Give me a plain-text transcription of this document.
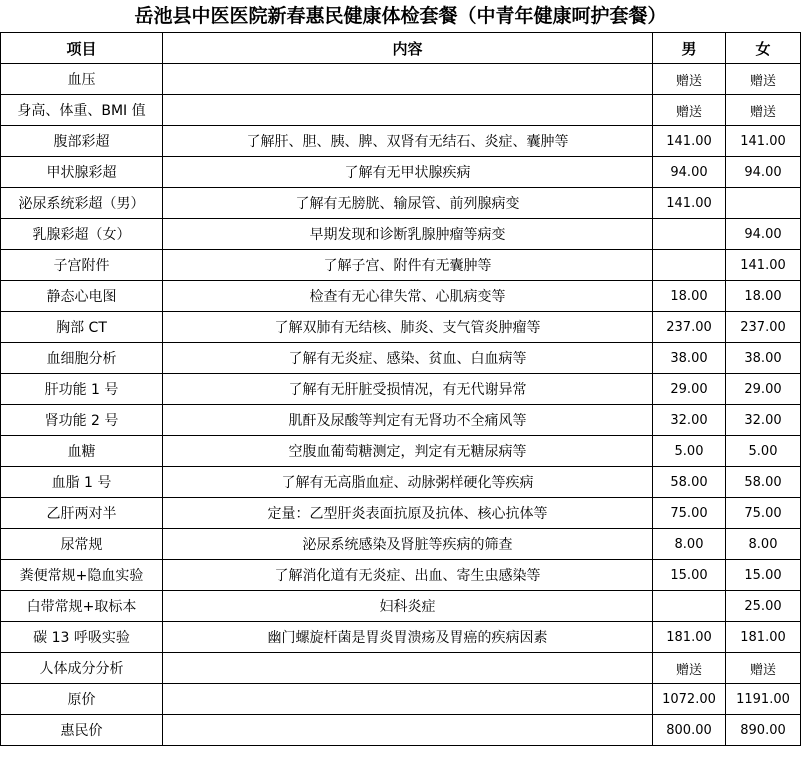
岳池县中医医院新春惠民健康体检套餐（中青年健康呵护套餐）
项目	内容	男	女
血压		赠送	赠送
身高、体重、BMI 值		赠送	赠送
腹部彩超	了解肝、胆、胰、脾、双肾有无结石、炎症、囊肿等	141.00	141.00
甲状腺彩超	了解有无甲状腺疾病	94.00	94.00
泌尿系统彩超（男）	了解有无膀胱、输尿管、前列腺病变	141.00	
乳腺彩超（女）	早期发现和诊断乳腺肿瘤等病变		94.00
子宫附件	了解子宫、附件有无囊肿等		141.00
静态心电图	检查有无心律失常、心肌病变等	18.00	18.00
胸部 CT	了解双肺有无结核、肺炎、支气管炎肿瘤等	237.00	237.00
血细胞分析	了解有无炎症、感染、贫血、白血病等	38.00	38.00
肝功能 1 号	了解有无肝脏受损情况，有无代谢异常	29.00	29.00
肾功能 2 号	肌酐及尿酸等判定有无肾功不全痛风等	32.00	32.00
血糖	空腹血葡萄糖测定，判定有无糖尿病等	5.00	5.00
血脂 1 号	了解有无高脂血症、动脉粥样硬化等疾病	58.00	58.00
乙肝两对半	定量：乙型肝炎表面抗原及抗体、核心抗体等	75.00	75.00
尿常规	泌尿系统感染及肾脏等疾病的筛查	8.00	8.00
粪便常规+隐血实验	了解消化道有无炎症、出血、寄生虫感染等	15.00	15.00
白带常规+取标本	妇科炎症		25.00
碳 13 呼吸实验	幽门螺旋杆菌是胃炎胃溃疡及胃癌的疾病因素	181.00	181.00
人体成分分析		赠送	赠送
原价		1072.00	1191.00
惠民价		800.00	890.00
